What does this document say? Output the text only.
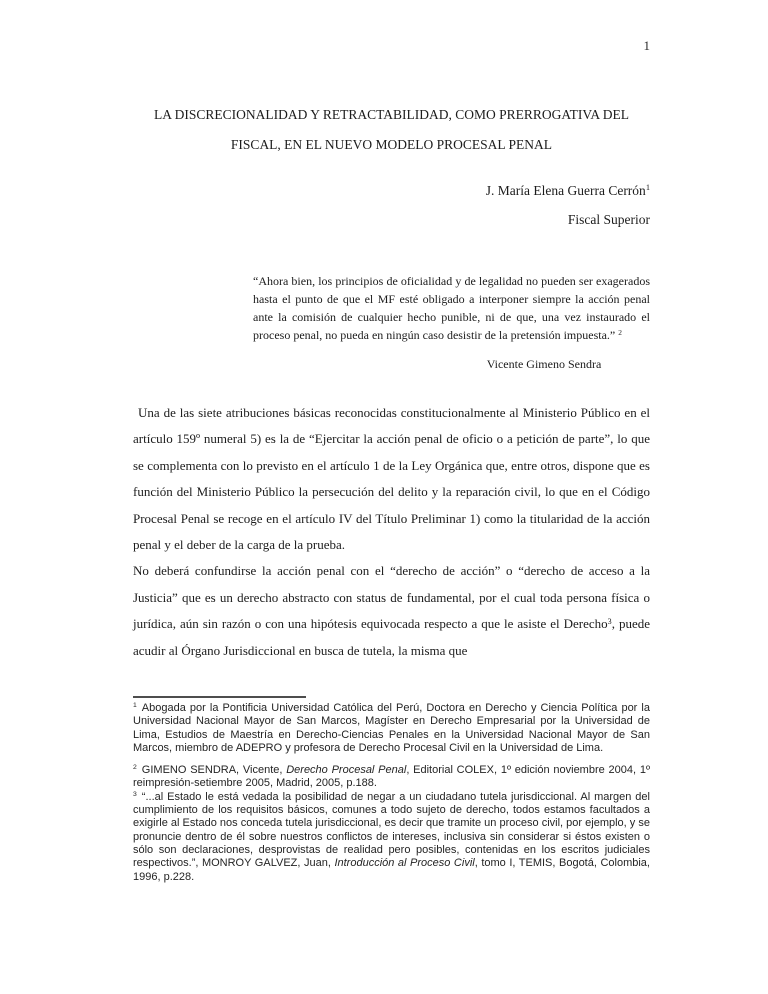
1
LA DISCRECIONALIDAD Y RETRACTABILIDAD, COMO PRERROGATIVA DEL
FISCAL, EN EL NUEVO MODELO PROCESAL PENAL
J. María Elena Guerra Cerrón$^1$
Fiscal Superior

“Ahora bien, los principios de oficialidad y de legalidad no pueden ser exagerados hasta el punto de que el MF esté obligado a interponer siempre la acción penal ante la comisión de cualquier hecho punible, ni de que, una vez instaurado el proceso penal, no pueda en ningún caso desistir de la pretensión impuesta.” $^2$

Vicente Gimeno Sendra

Una de las siete atribuciones básicas reconocidas constitucionalmente al Ministerio Público en el artículo 159º numeral 5) es la de “Ejercitar la acción penal de oficio o a petición de parte”, lo que se complementa con lo previsto en el artículo 1 de la Ley Orgánica que, entre otros, dispone que es función del Ministerio Público la persecución del delito y la reparación civil, lo que en el Código Procesal Penal se recoge en el artículo IV del Título Preliminar 1) como la titularidad de la acción penal y el deber de la carga de la prueba.

No deberá confundirse la acción penal con el “derecho de acción” o “derecho de acceso a la Justicia” que es un derecho abstracto con status de fundamental, por el cual toda persona física o jurídica, aún sin razón o con una hipótesis equivocada respecto a que le asiste el Derecho$^3$, puede acudir al Órgano Jurisdiccional en busca de tutela, la misma que

$^1$ Abogada por la Pontificia Universidad Católica del Perú, Doctora en Derecho y Ciencia Política por la Universidad Nacional Mayor de San Marcos, Magíster en Derecho Empresarial por la Universidad de Lima, Estudios de Maestría en Derecho-Ciencias Penales en la Universidad Nacional Mayor de San Marcos, miembro de ADEPRO y profesora de Derecho Procesal Civil en la Universidad de Lima.

$^2$ GIMENO SENDRA, Vicente, Derecho Procesal Penal, Editorial COLEX, 1º edición noviembre 2004, 1º reimpresión-setiembre 2005, Madrid, 2005, p.188.

$^3$ “...al Estado le está vedada la posibilidad de negar a un ciudadano tutela jurisdiccional. Al margen del cumplimiento de los requisitos básicos, comunes a todo sujeto de derecho, todos estamos facultados a exigirle al Estado nos conceda tutela jurisdiccional, es decir que tramite un proceso civil, por ejemplo, y se pronuncie dentro de él sobre nuestros conflictos de intereses, inclusiva sin considerar si éstos existen o sólo son declaraciones, desprovistas de realidad pero posibles, contenidas en los escritos judiciales respectivos.”, MONROY GALVEZ, Juan, Introducción al Proceso Civil, tomo I, TEMIS, Bogotá, Colombia, 1996, p.228.
